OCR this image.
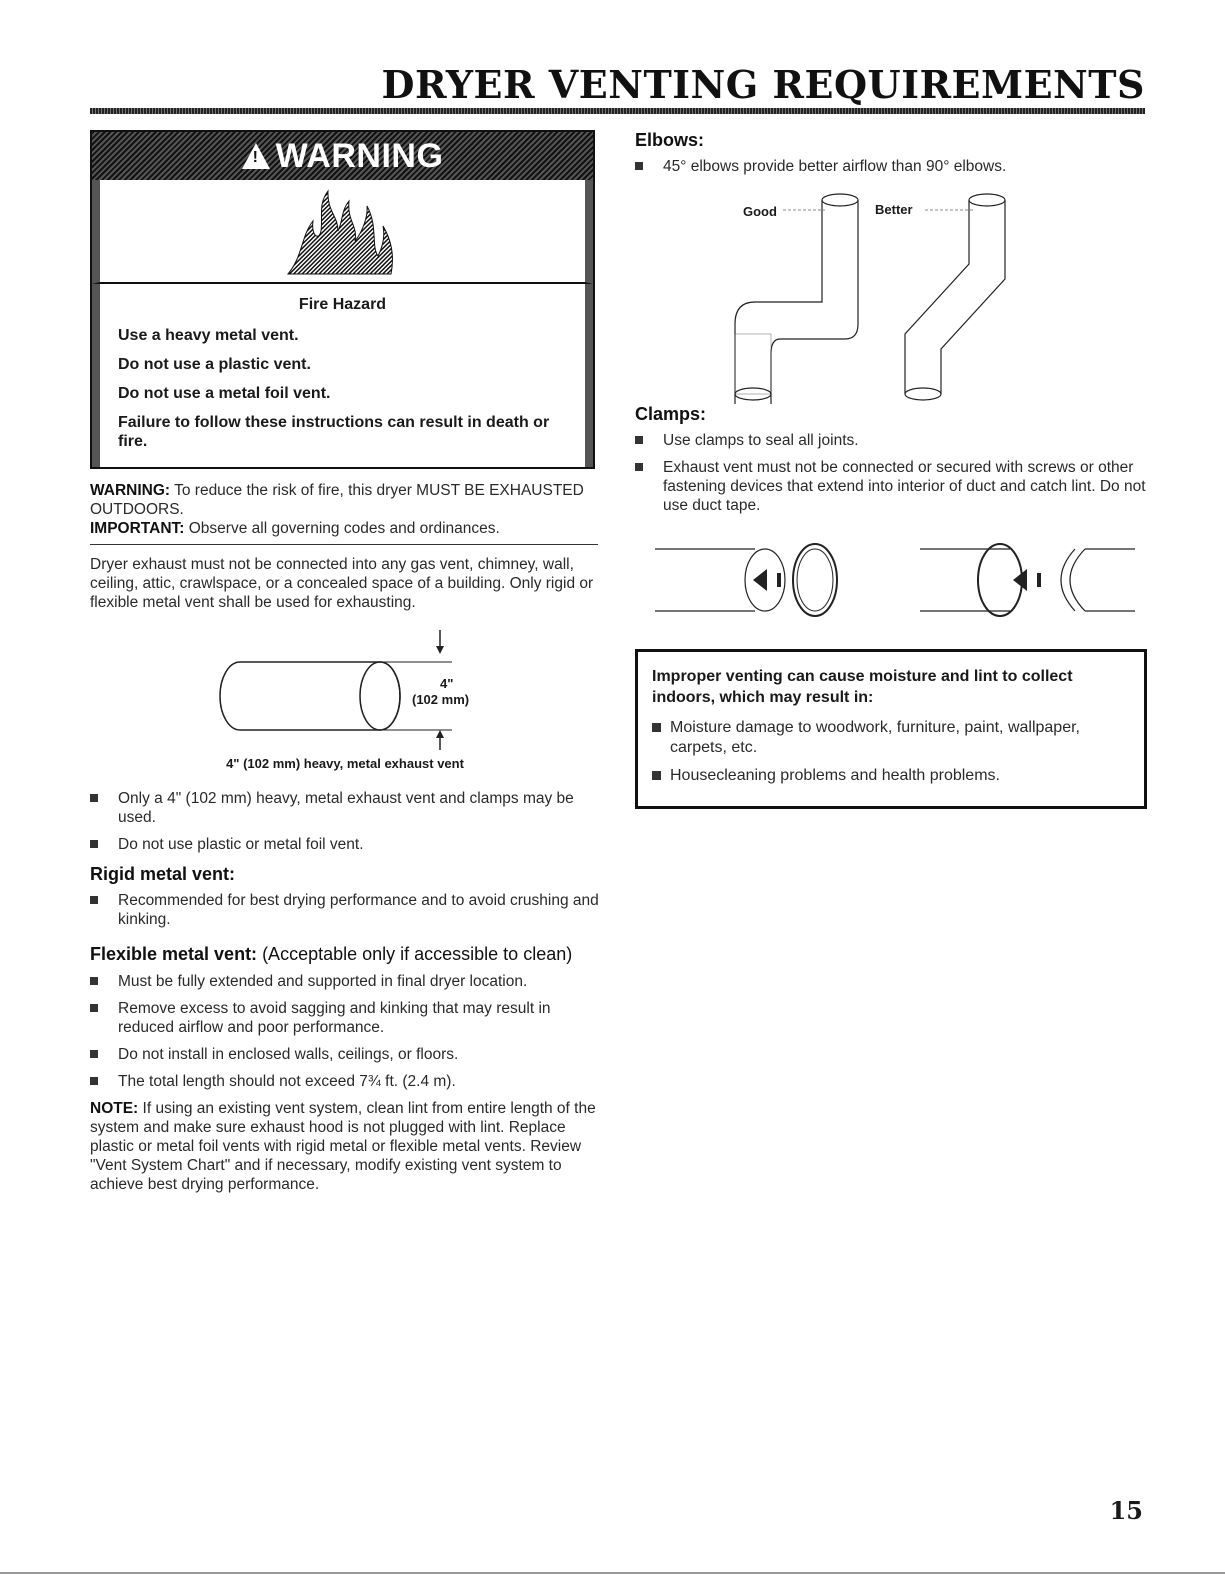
DRYER VENTING REQUIREMENTS
! WARNING
Fire Hazard
Use a heavy metal vent.
Do not use a plastic vent.
Do not use a metal foil vent.
Failure to follow these instructions can result in death or fire.
WARNING: To reduce the risk of fire, this dryer MUST BE EXHAUSTED OUTDOORS.
IMPORTANT: Observe all governing codes and ordinances.
Dryer exhaust must not be connected into any gas vent, chimney, wall, ceiling, attic, crawlspace, or a concealed space of a building. Only rigid or flexible metal vent shall be used for exhausting.
4"
(102 mm)
4" (102 mm) heavy, metal exhaust vent
Only a 4" (102 mm) heavy, metal exhaust vent and clamps may be used.
Do not use plastic or metal foil vent.
Rigid metal vent:
Recommended for best drying performance and to avoid crushing and kinking.
Flexible metal vent: (Acceptable only if accessible to clean)
Must be fully extended and supported in final dryer location.
Remove excess to avoid sagging and kinking that may result in reduced airflow and poor performance.
Do not install in enclosed walls, ceilings, or floors.
The total length should not exceed 7¾ ft. (2.4 m).
NOTE: If using an existing vent system, clean lint from entire length of the system and make sure exhaust hood is not plugged with lint. Replace plastic or metal foil vents with rigid metal or flexible metal vents. Review "Vent System Chart" and if necessary, modify existing vent system to achieve best drying performance.
Elbows:
45° elbows provide better airflow than 90° elbows.
Good	Better
Clamps:
Use clamps to seal all joints.
Exhaust vent must not be connected or secured with screws or other fastening devices that extend into interior of duct and catch lint. Do not use duct tape.
Improper venting can cause moisture and lint to collect indoors, which may result in:
Moisture damage to woodwork, furniture, paint, wallpaper, carpets, etc.
Housecleaning problems and health problems.
15
